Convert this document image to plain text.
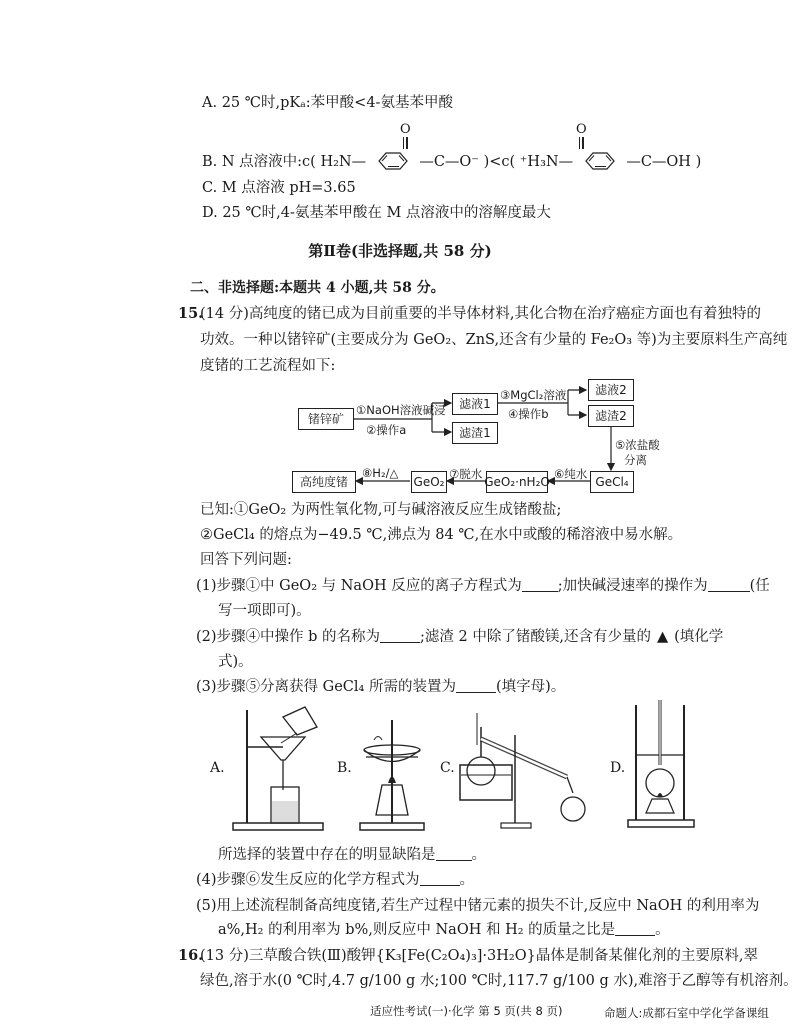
A. 25 ℃时,pKₐ:苯甲酸<4-氨基苯甲酸
B. N 点溶液中:c( H₂N—	—C—O⁻ )<c( ⁺H₃N—	—C—OH )
O	O
C. M 点溶液 pH=3.65
D. 25 ℃时,4-氨基苯甲酸在 M 点溶液中的溶解度最大
第Ⅱ卷(非选择题,共 58 分)
二、非选择题:本题共 4 小题,共 58 分。
15.
(14 分)高纯度的锗已成为目前重要的半导体材料,其化合物在治疗癌症方面也有着独特的
功效。一种以锗锌矿(主要成分为 GeO₂、ZnS,还含有少量的 Fe₂O₃ 等)为主要原料生产高纯
度锗的工艺流程如下:
锗锌矿
①NaOH溶液碱浸
②操作a
滤液1
滤渣1
③MgCl₂溶液
④操作b
滤液2
滤渣2
⑤浓盐酸
分离
GeCl₄
⑥纯水
GeO₂·nH₂O
⑦脱水
GeO₂
⑧H₂/△
高纯度锗
已知:①GeO₂ 为两性氧化物,可与碱溶液反应生成锗酸盐;
②GeCl₄ 的熔点为−49.5 ℃,沸点为 84 ℃,在水中或酸的稀溶液中易水解。
回答下列问题:
(1)步骤①中 GeO₂ 与 NaOH 反应的离子方程式为 ;加快碱浸速率的操作为	(任
写一项即可)。
(2)步骤④中操作 b 的名称为	;滤渣 2 中除了锗酸镁,还含有少量的 ▲ (填化学
式)。
(3)步骤⑤分离获得 GeCl₄ 所需的装置为	(填字母)。
B.	C.	D.
A.
所选择的装置中存在的明显缺陷是 。
(4)步骤⑥发生反应的化学方程式为	。
(5)用上述流程制备高纯度锗,若生产过程中锗元素的损失不计,反应中 NaOH 的利用率为
a%,H₂ 的利用率为 b%,则反应中 NaOH 和 H₂ 的质量之比是	。
16.
(13 分)三草酸合铁(Ⅲ)酸钾{K₃[Fe(C₂O₄)₃]·3H₂O}晶体是制备某催化剂的主要原料,翠
绿色,溶于水(0 ℃时,4.7 g/100 g 水;100 ℃时,117.7 g/100 g 水),难溶于乙醇等有机溶剂。
适应性考试(一)·化学 第 5 页(共 8 页)	命题人:成都石室中学化学备课组
